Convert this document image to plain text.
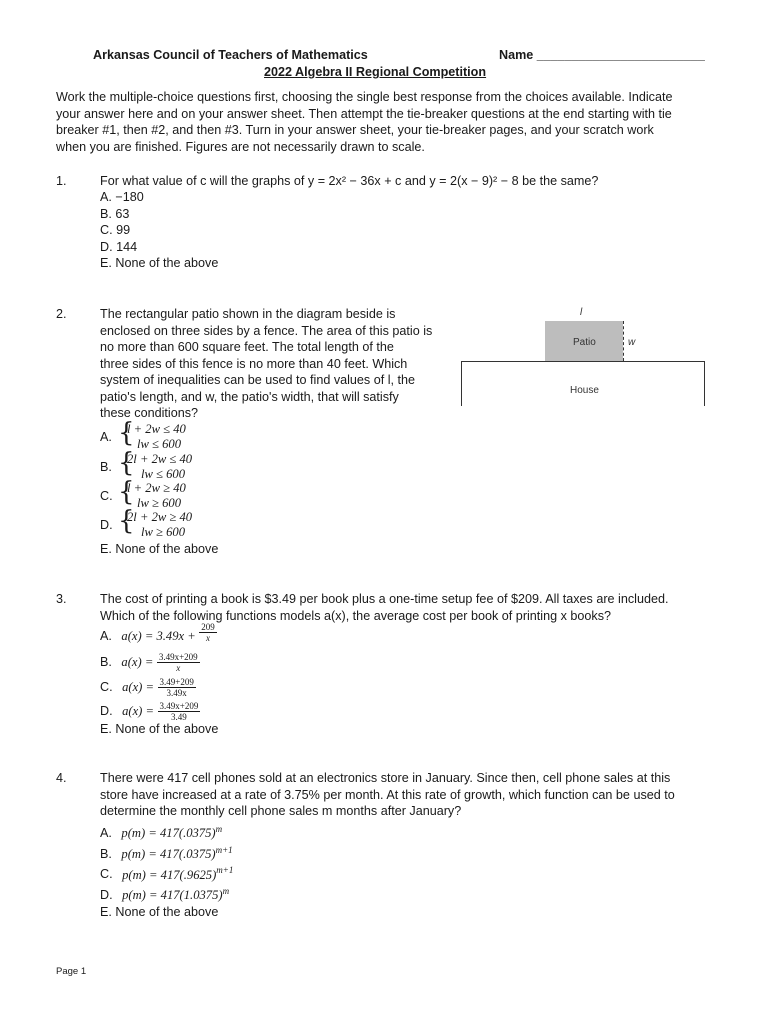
Arkansas Council of Teachers of Mathematics	Name ________________________
2022 Algebra II Regional Competition
Work the multiple-choice questions first, choosing the single best response from the choices available. Indicate
your answer here and on your answer sheet. Then attempt the tie-breaker questions at the end starting with tie
breaker #1, then #2, and then #3. Turn in your answer sheet, your tie-breaker pages, and your scratch work
when you are finished. Figures are not necessarily drawn to scale.
1.	For what value of c will the graphs of y = 2x² − 36x + c and y = 2(x − 9)² − 8 be the same?
A. −180
B. 63
C. 99
D. 144
E. None of the above
2.	The rectangular patio shown in the diagram beside is
enclosed on three sides by a fence. The area of this patio is
no more than 600 square feet. The total length of the
three sides of this fence is no more than 40 feet. Which
system of inequalities can be used to find values of l, the
patio's length, and w, the patio's width, that will satisfy
these conditions?
A. {
l + 2w ≤ 40
lw ≤ 600
B. {
2l + 2w ≤ 40
lw ≤ 600
C. {
l + 2w ≥ 40
lw ≥ 600
D. {
2l + 2w ≥ 40
lw ≥ 600
E. None of the above
l
Patio	w
House
3.	The cost of printing a book is $3.49 per book plus a one-time setup fee of $209. All taxes are included.
Which of the following functions models a(x), the average cost per book of printing x books?
A. $a(x) = 3.49x + \frac{209}{x}$
B. $a(x) = \frac{3.49x+209}{x}$
C. $a(x) = \frac{3.49+209}{3.49x}$
D. $a(x) = \frac{3.49x+209}{3.49}$
E. None of the above
4.	There were 417 cell phones sold at an electronics store in January. Since then, cell phone sales at this
store have increased at a rate of 3.75% per month. At this rate of growth, which function can be used to
determine the monthly cell phone sales m months after January?
A. $p(m) = 417(.0375)^m$
B. $p(m) = 417(.0375)^{m+1}$
C. $p(m) = 417(.9625)^{m+1}$
D. $p(m) = 417(1.0375)^m$
E. None of the above
Page 1
